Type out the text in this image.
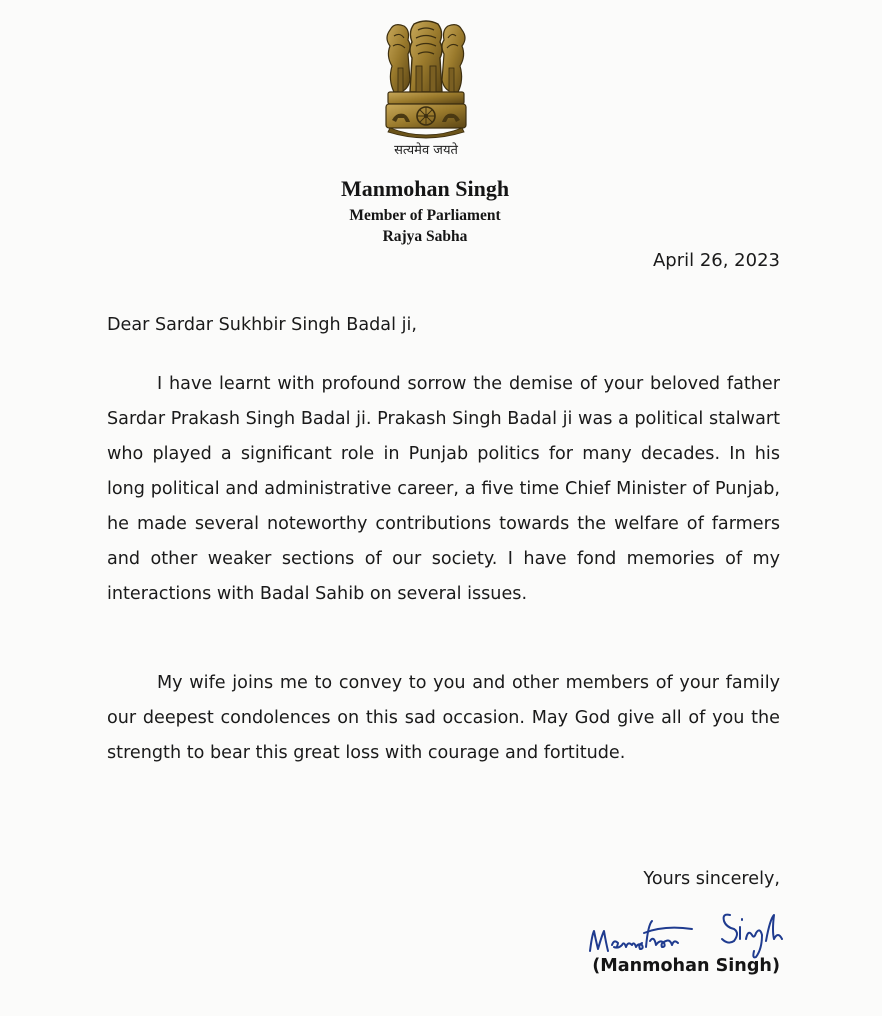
सत्यमेव जयते
Manmohan Singh
Member of Parliament
Rajya Sabha
April 26, 2023
Dear Sardar Sukhbir Singh Badal ji,

I have learnt with profound sorrow the demise of your beloved father Sardar Prakash Singh Badal ji. Prakash Singh Badal ji was a political stalwart who played a significant role in Punjab politics for many decades. In his long political and administrative career, a five time Chief Minister of Punjab, he made several noteworthy contributions towards the welfare of farmers and other weaker sections of our society. I have fond memories of my interactions with Badal Sahib on several issues.

My wife joins me to convey to you and other members of your family our deepest condolences on this sad occasion. May God give all of you the strength to bear this great loss with courage and fortitude.

Yours sincerely,
(Manmohan Singh)
